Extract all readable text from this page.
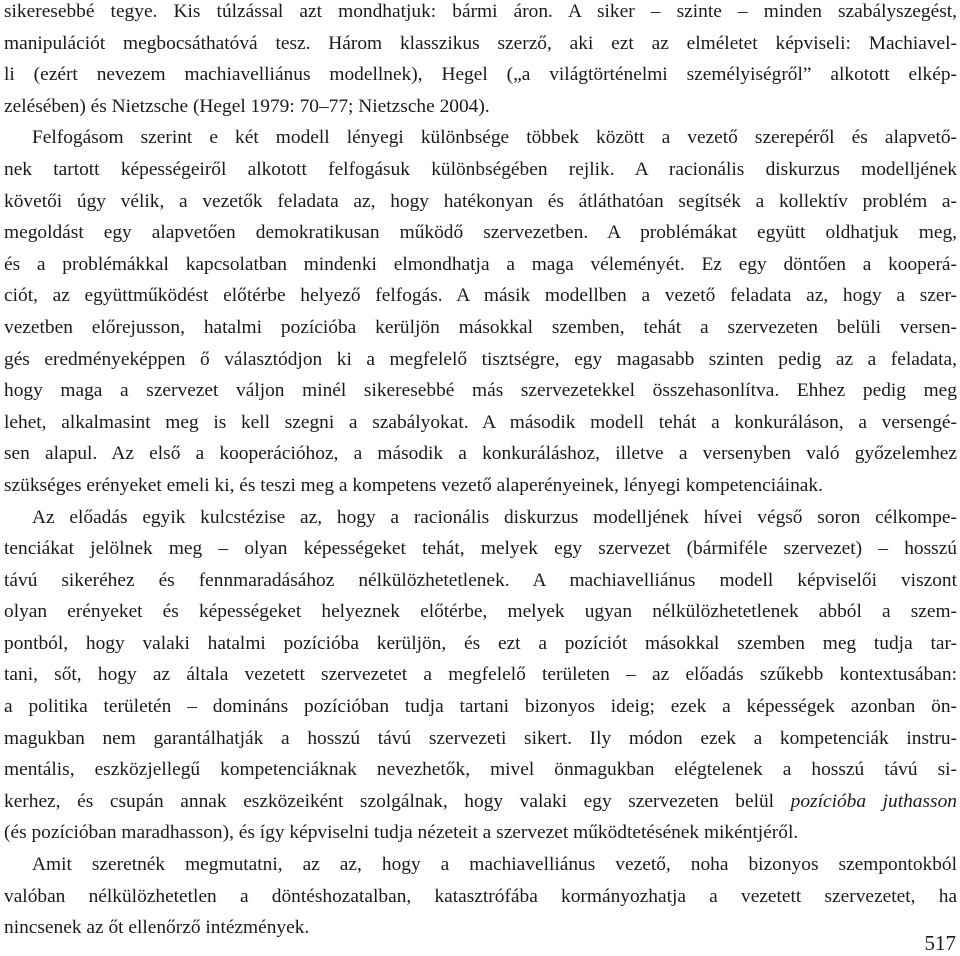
sikeresebbé tegye. Kis túlzással azt mondhatjuk: bármi áron. A siker – szinte – minden szabályszegést,
manipulációt megbocsáthatóvá tesz. Három klasszikus szerző, aki ezt az elméletet képviseli: Machiavel-
li (ezért nevezem machiavelliánus modellnek), Hegel („a világtörténelmi személyiségről” alkotott elkép-
zelésében) és Nietzsche (Hegel 1979: 70–77; Nietzsche 2004).
Felfogásom szerint e két modell lényegi különbsége többek között a vezető szerepéről és alapvető-
nek tartott képességeiről alkotott felfogásuk különbségében rejlik. A racionális diskurzus modelljének
követői úgy vélik, a vezetők feladata az, hogy hatékonyan és átláthatóan segítsék a kollektív problém a-
megoldást egy alapvetően demokratikusan működő szervezetben. A problémákat együtt oldhatjuk meg,
és a problémákkal kapcsolatban mindenki elmondhatja a maga véleményét. Ez egy döntően a kooperá-
ciót, az együttműködést előtérbe helyező felfogás. A másik modellben a vezető feladata az, hogy a szer-
vezetben előrejusson, hatalmi pozícióba kerüljön másokkal szemben, tehát a szervezeten belüli versen-
gés eredményeképpen ő választódjon ki a megfelelő tisztségre, egy magasabb szinten pedig az a feladata,
hogy maga a szervezet váljon minél sikeresebbé más szervezetekkel összehasonlítva. Ehhez pedig meg
lehet, alkalmasint meg is kell szegni a szabályokat. A második modell tehát a konkuráláson, a versengé-
sen alapul. Az első a kooperációhoz, a második a konkuráláshoz, illetve a versenyben való győzelemhez
szükséges erényeket emeli ki, és teszi meg a kompetens vezető alaperényeinek, lényegi kompetenciáinak.
Az előadás egyik kulcstézise az, hogy a racionális diskurzus modelljének hívei végső soron célkompe-
tenciákat jelölnek meg – olyan képességeket tehát, melyek egy szervezet (bármiféle szervezet) – hosszú
távú sikeréhez és fennmaradásához nélkülözhetetlenek. A machiavelliánus modell képviselői viszont
olyan erényeket és képességeket helyeznek előtérbe, melyek ugyan nélkülözhetetlenek abból a szem-
pontból, hogy valaki hatalmi pozícióba kerüljön, és ezt a pozíciót másokkal szemben meg tudja tar-
tani, sőt, hogy az általa vezetett szervezetet a megfelelő területen – az előadás szűkebb kontextusában:
a politika területén – domináns pozícióban tudja tartani bizonyos ideig; ezek a képességek azonban ön-
magukban nem garantálhatják a hosszú távú szervezeti sikert. Ily módon ezek a kompetenciák instru-
mentális, eszközjellegű kompetenciáknak nevezhetők, mivel önmagukban elégtelenek a hosszú távú si-
kerhez, és csupán annak eszközeiként szolgálnak, hogy valaki egy szervezeten belül pozícióba juthasson
(és pozícióban maradhasson), és így képviselni tudja nézeteit a szervezet működtetésének mikéntjéről.
Amit szeretnék megmutatni, az az, hogy a machiavelliánus vezető, noha bizonyos szempontokból
valóban nélkülözhetetlen a döntéshozatalban, katasztrófába kormányozhatja a vezetett szervezetet, ha
nincsenek az őt ellenőrző intézmények.
517
